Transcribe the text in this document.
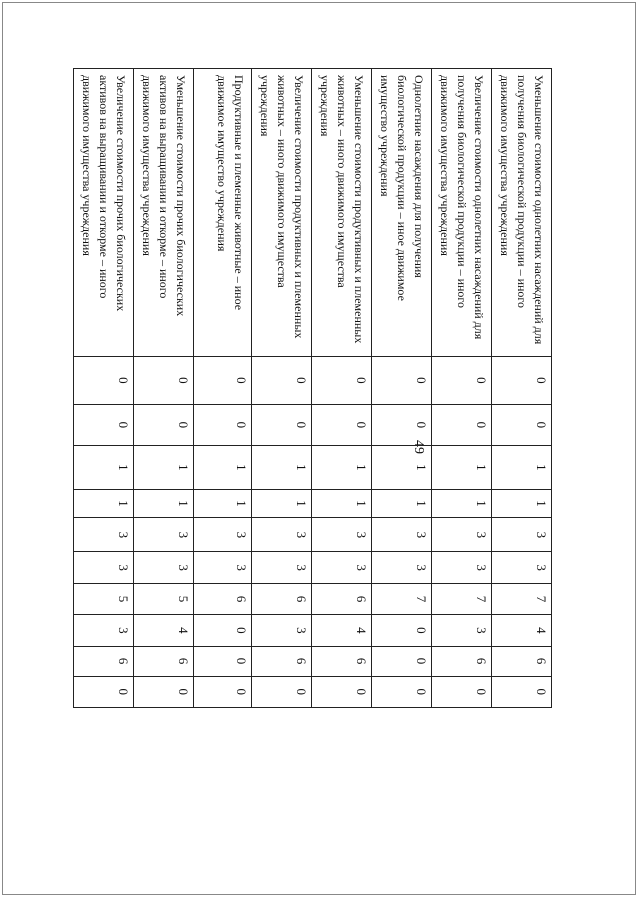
49
Уменьшение стоимости однолетних насаждений для получения биологической продукции – иного движимого имущества учреждения	0	0	1	1	3	3	7	4	6	0
Увеличение стоимости однолетних насаждений для получения биологической продукции – иного движимого имущества учреждения	0	0	1	1	3	3	7	3	6	0
Однолетние насаждения для получения биологической продукции – иное движимое имущество учреждения	0	0	1	1	3	3	7	0	0	0
Уменьшение стоимости продуктивных и племенных животных – иного движимого имущества учреждения	0	0	1	1	3	3	6	4	6	0
Увеличение стоимости продуктивных и племенных животных – иного движимого имущества учреждения	0	0	1	1	3	3	6	3	6	0
Продуктивные и племенные животные – иное движимое имущество учреждения	0	0	1	1	3	3	6	0	0	0
Уменьшение стоимости прочих биологических активов на выращивании и откорме – иного движимого имущества учреждения	0	0	1	1	3	3	5	4	6	0
Увеличение стоимости прочих биологических активов на выращивании и откорме – иного движимого имущества учреждения	0	0	1	1	3	3	5	3	6	0
